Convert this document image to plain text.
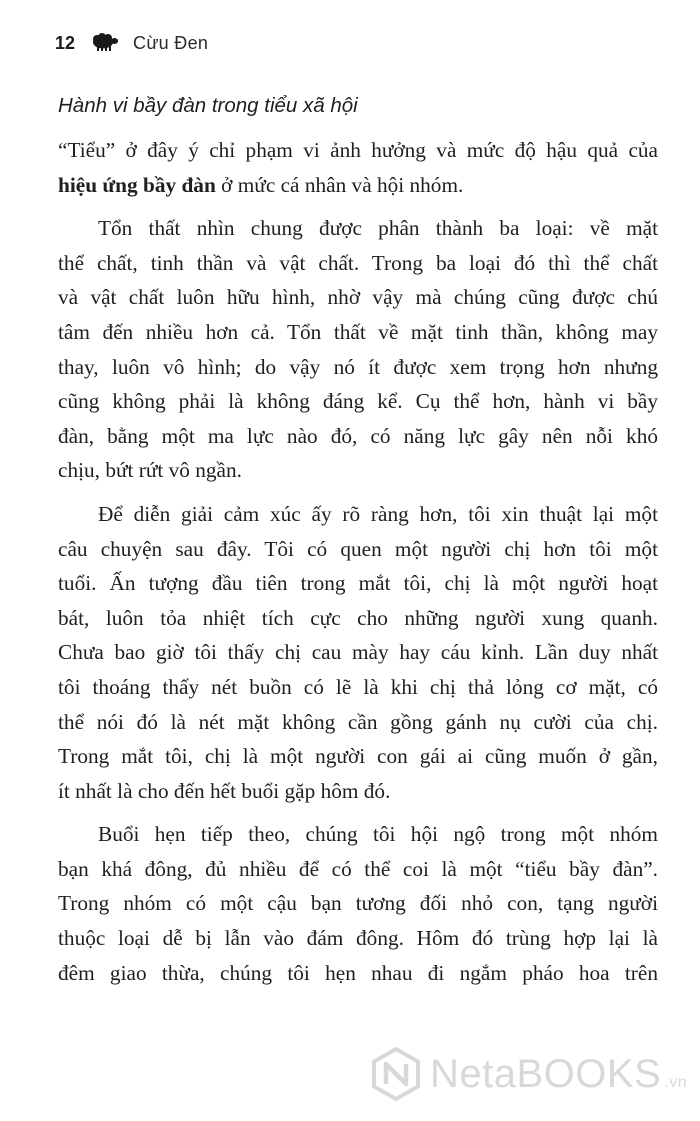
12	Cừu Đen
Hành vi bầy đàn trong tiểu xã hội

“Tiểu” ở đây ý chỉ phạm vi ảnh hưởng và mức độ hậu quả của
hiệu ứng bầy đàn ở mức cá nhân và hội nhóm.

Tổn thất nhìn chung được phân thành ba loại: về mặt
thể chất, tinh thần và vật chất. Trong ba loại đó thì thể chất
và vật chất luôn hữu hình, nhờ vậy mà chúng cũng được chú
tâm đến nhiều hơn cả. Tổn thất về mặt tinh thần, không may
thay, luôn vô hình; do vậy nó ít được xem trọng hơn nhưng
cũng không phải là không đáng kể. Cụ thể hơn, hành vi bầy
đàn, bằng một ma lực nào đó, có năng lực gây nên nỗi khó
chịu, bứt rứt vô ngần.

Để diễn giải cảm xúc ấy rõ ràng hơn, tôi xin thuật lại một
câu chuyện sau đây. Tôi có quen một người chị hơn tôi một
tuổi. Ấn tượng đầu tiên trong mắt tôi, chị là một người hoạt
bát, luôn tỏa nhiệt tích cực cho những người xung quanh.
Chưa bao giờ tôi thấy chị cau mày hay cáu kỉnh. Lần duy nhất
tôi thoáng thấy nét buồn có lẽ là khi chị thả lỏng cơ mặt, có
thể nói đó là nét mặt không cần gồng gánh nụ cười của chị.
Trong mắt tôi, chị là một người con gái ai cũng muốn ở gần,
ít nhất là cho đến hết buổi gặp hôm đó.

Buổi hẹn tiếp theo, chúng tôi hội ngộ trong một nhóm
bạn khá đông, đủ nhiều để có thể coi là một “tiểu bầy đàn”.
Trong nhóm có một cậu bạn tương đối nhỏ con, tạng người
thuộc loại dễ bị lẫn vào đám đông. Hôm đó trùng hợp lại là
đêm giao thừa, chúng tôi hẹn nhau đi ngắm pháo hoa trên

NetaBOOKS .vn
